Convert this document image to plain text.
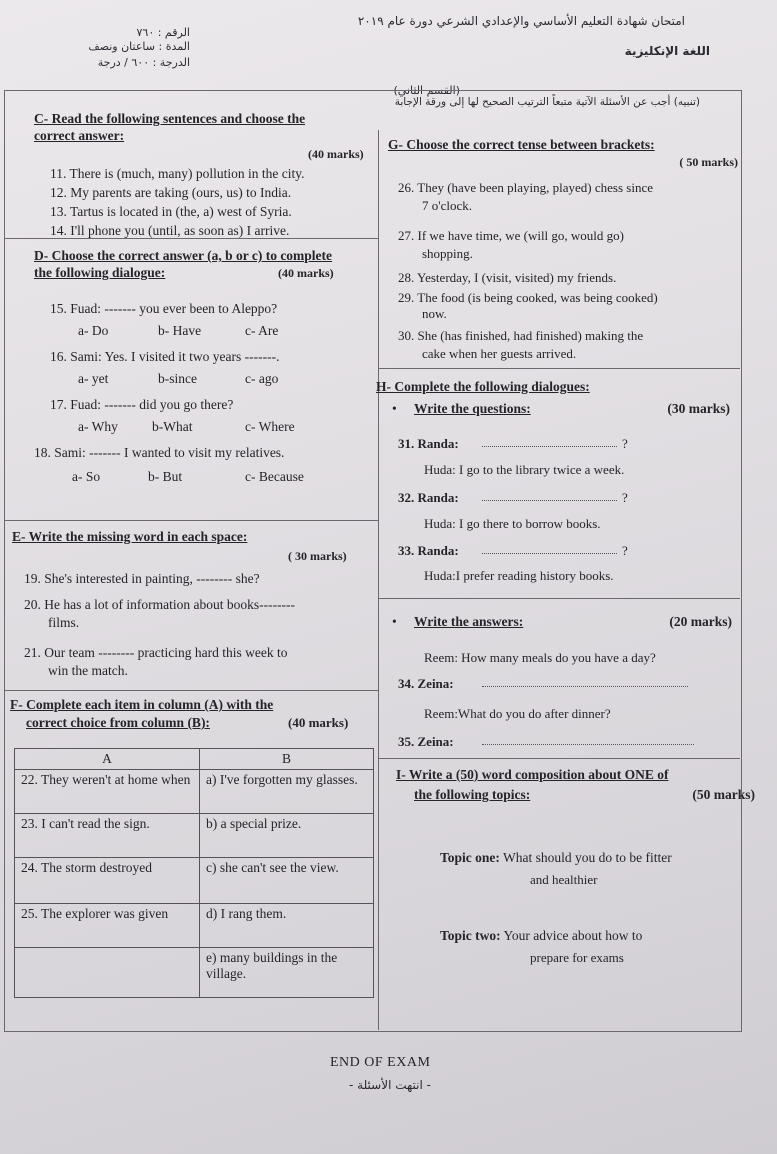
امتحان شهادة التعليم الأساسي والإعدادي الشرعي دورة عام ٢٠١٩
اللغة الإنكليزية
الرقم : ٧٦٠
المدة : ساعتان ونصف
الدرجة : ٦٠٠ / درجة
(القسم الثاني)
(تنبيه) أجب عن الأسئلة الآتية متبعاً الترتيب الصحيح لها إلى ورقة الإجابة
C- Read the following sentences and choose the correct answer:
(40 marks)
11. There is (much, many) pollution in the city.
12. My parents are taking (ours, us) to India.
13. Tartus is located in (the, a) west of Syria.
14. I'll phone you (until, as soon as) I arrive.
D- Choose the correct answer (a, b or c) to complete the following dialogue:	(40 marks)
15. Fuad: ------- you ever been to Aleppo?
a- Do	b- Have	c- Are
16. Sami: Yes. I visited it two years -------.
a- yet	b-since	c- ago
17. Fuad: ------- did you go there?
a- Why	b-What	c- Where
18. Sami: ------- I wanted to visit my relatives.
a- So	b- But	c- Because
E- Write the missing word in each space:
( 30 marks)
19. She's interested in painting, -------- she?
20. He has a lot of information about books--------
films.
21. Our team -------- practicing hard this week to
win the match.
F- Complete each item in column (A) with the
correct choice from column (B):	(40 marks)
A	B
22. They weren't at home when	a) I've forgotten my glasses.
23. I can't read the sign.	b) a special prize.
24. The storm destroyed	c) she can't see the view.
25. The explorer was given	d) I rang them.
	e) many buildings in the village.
G- Choose the correct tense between brackets:
( 50 marks)
26. They (have been playing, played) chess since
7 o'clock.
27. If we have time, we (will go, would go)
shopping.
28. Yesterday, I (visit, visited) my friends.
29. The food (is being cooked, was being cooked)
now.
30. She (has finished, had finished) making the
cake when her guests arrived.
H- Complete the following dialogues:
•	Write the questions:	(30 marks)
31. Randa:	?
Huda: I go to the library twice a week.
32. Randa:	?
Huda: I go there to borrow books.
33. Randa:	?
Huda:I prefer reading history books.
•	Write the answers:	(20 marks)
Reem: How many meals do you have a day?
34. Zeina:
Reem:What do you do after dinner?
35. Zeina:
I- Write a (50) word composition about ONE of
the following topics:	(50 marks)
Topic one: What should you do to be fitter
and healthier
Topic two: Your advice about how to
prepare for exams
END OF EXAM
- انتهت الأسئلة -
